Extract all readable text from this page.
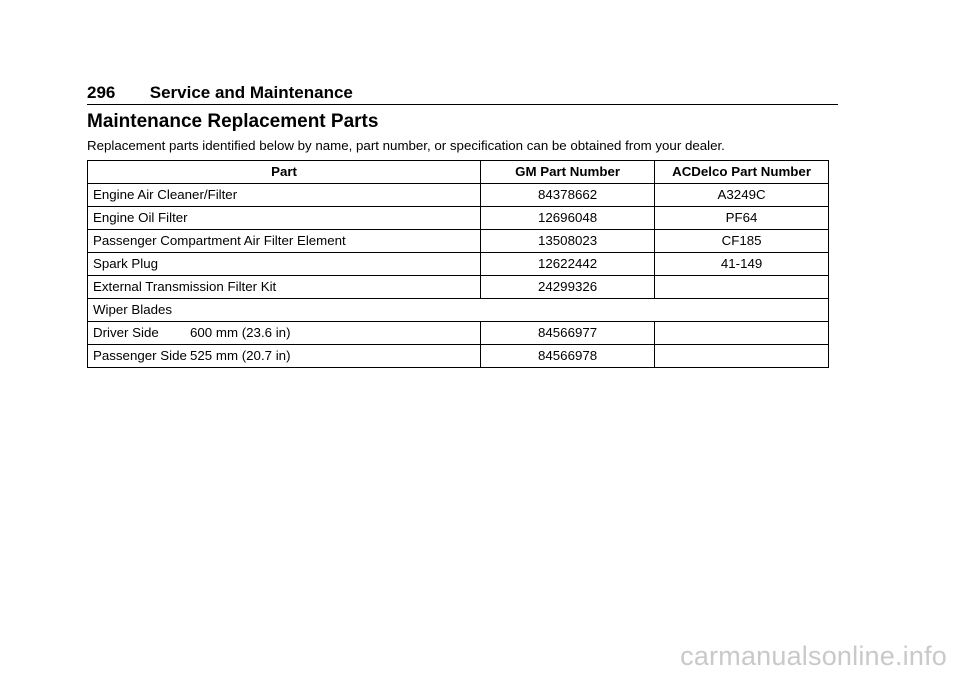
296 Service and Maintenance
Maintenance Replacement Parts
Replacement parts identified below by name, part number, or specification can be obtained from your dealer.
Part	GM Part Number	ACDelco Part Number
Engine Air Cleaner/Filter	84378662	A3249C
Engine Oil Filter	12696048	PF64
Passenger Compartment Air Filter Element	13508023	CF185
Spark Plug	12622442	41-149
External Transmission Filter Kit	24299326	
Wiper Blades		
Driver Side 600 mm (23.6 in)	84566977	
Passenger Side 525 mm (20.7 in)	84566978	
carmanualsonline.info
